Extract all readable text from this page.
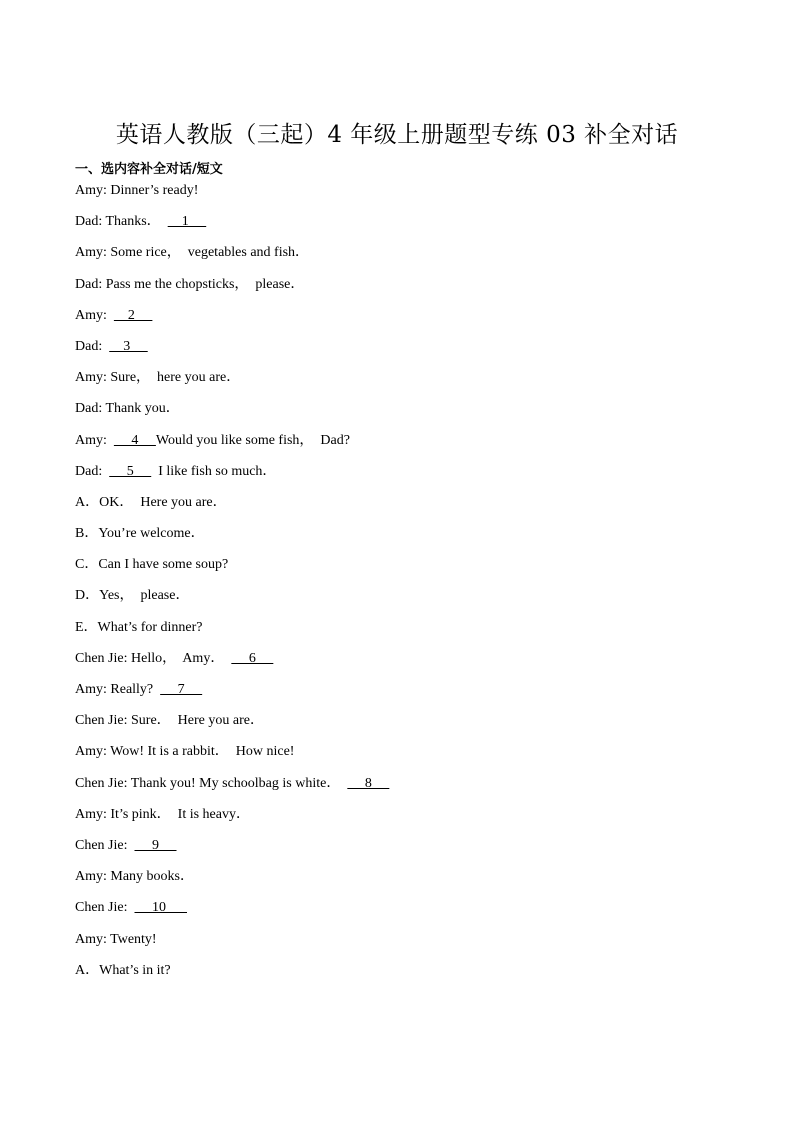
英语人教版（三起）4 年级上册题型专练 03 补全对话
一、选内容补全对话/短文
Amy: Dinner’s ready!
Dad: Thanks．      1
Amy: Some rice，  vegetables and fish．
Dad: Pass me the chopsticks，  please．
Amy:      2
Dad:      3
Amy: Sure，  here you are．
Dad: Thank you．
Amy:       4     Would you like some fish，  Dad?
Dad:       5       I like fish so much．
A．OK．  Here you are．
B．You’re welcome．
C．Can I have some soup?
D．Yes，  please．
E．What’s for dinner?
Chen Jie: Hello，  Amy．       6
Amy: Really?       7
Chen Jie: Sure．  Here you are．
Amy: Wow! It is a rabbit．  How nice!
Chen Jie: Thank you! My schoolbag is white．       8
Amy: It’s pink．  It is heavy．
Chen Jie:       9
Amy: Many books．
Chen Jie:       10
Amy: Twenty!
A．What’s in it?
